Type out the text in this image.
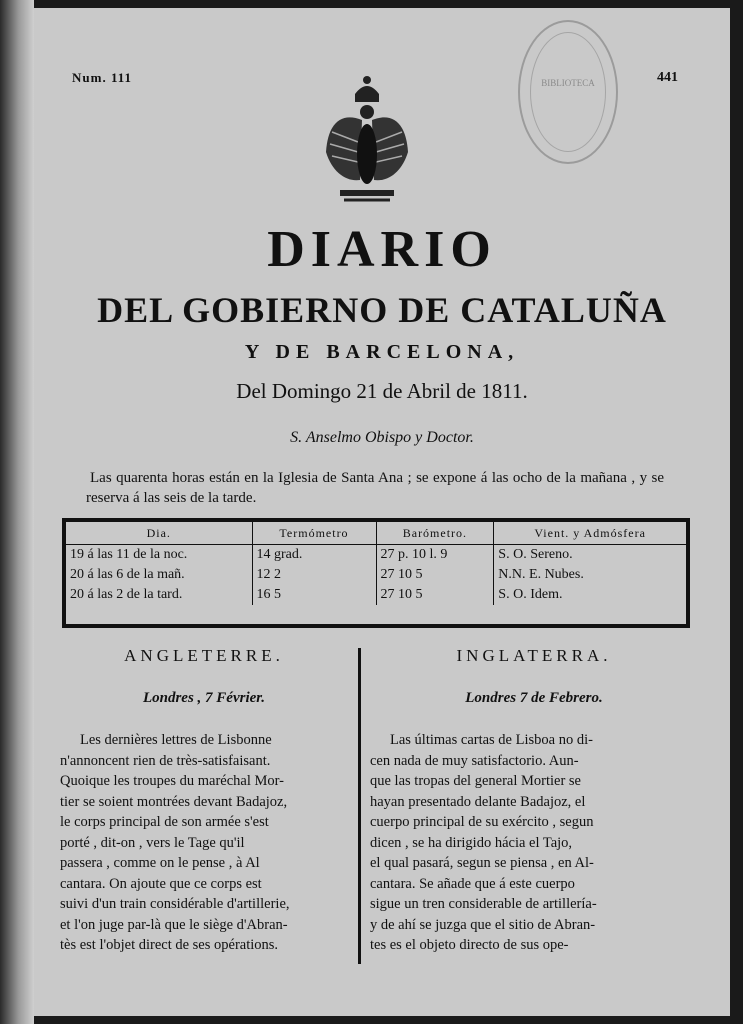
Num. 111	441
BIBLIOTECA
DIARIO
DEL GOBIERNO DE CATALUÑA
Y DE BARCELONA,
Del Domingo 21 de Abril de 1811.
S. Anselmo Obispo y Doctor.
Las quarenta horas están en la Iglesia de Santa Ana ; se expone á las ocho de la mañana , y se reserva á las seis de la tarde.
Dia.	Termómetro	Barómetro.	Vient. y Admósfera
19 á las 11 de la noc.	14 grad.	27 p. 10 l. 9	S. O. Sereno.
20 á las 6 de la mañ.	12 2	27 10 5	N.N. E. Nubes.
20 á las 2 de la tard.	16 5	27 10 5	S. O. Idem.
ANGLETERRE.	INGLATERRA.
Londres , 7 Février.	Londres 7 de Febrero.
Les dernières lettres de Lisbonne
n'annoncent rien de très-satisfaisant.
Quoique les troupes du maréchal Mor-
tier se soient montrées devant Badajoz,
le corps principal de son armée s'est
porté , dit-on , vers le Tage qu'il
passera , comme on le pense , à Al
cantara. On ajoute que ce corps est
suivi d'un train considérable d'artillerie,
et l'on juge par-là que le siège d'Abran-
tès est l'objet direct de ses opérations.
Las últimas cartas de Lisboa no di-
cen nada de muy satisfactorio. Aun-
que las tropas del general Mortier se
hayan presentado delante Badajoz, el
cuerpo principal de su exército , segun
dicen , se ha dirigido hácia el Tajo,
el qual pasará, segun se piensa , en Al-
cantara. Se añade que á este cuerpo
sigue un tren considerable de artillería-
y de ahí se juzga que el sitio de Abran-
tes es el objeto directo de sus ope-
